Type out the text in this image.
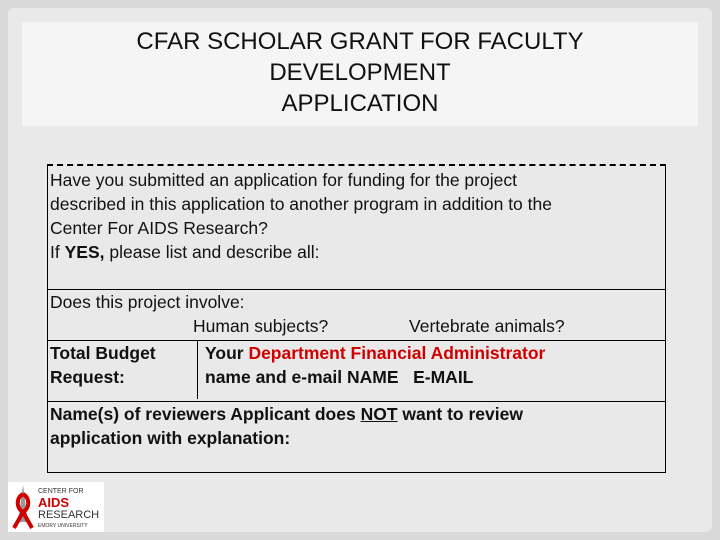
CFAR SCHOLAR GRANT FOR FACULTY
DEVELOPMENT
APPLICATION
Have you submitted an application for funding for the project
described in this application to another program in addition to the
Center For AIDS Research?
If YES, please list and describe all:
Does this project involve:
Human subjects?	Vertebrate animals?
Total Budget
Request:
Your Department Financial Administrator
name and e-mail NAME   E-MAIL
Name(s) of reviewers Applicant does NOT want to review
application with explanation:
CENTER FOR
AIDS
RESEARCH
EMORY UNIVERSITY
